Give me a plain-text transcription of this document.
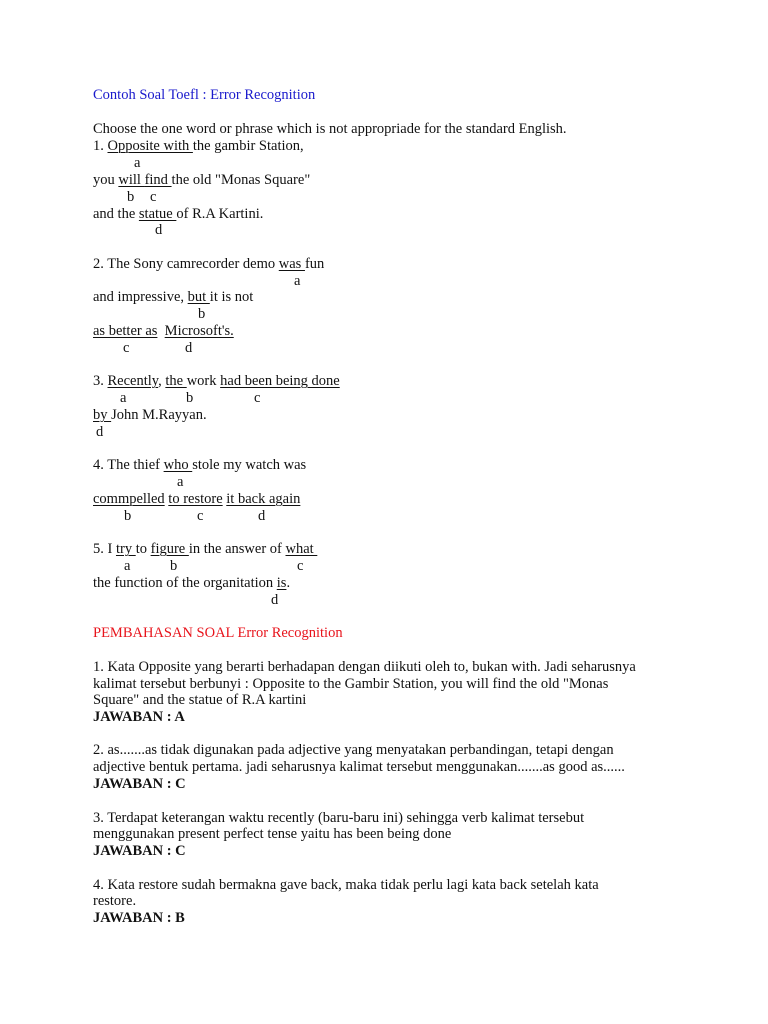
Contoh Soal Toefl : Error Recognition
Choose the one word or phrase which is not appropriade for the standard English.
1. Opposite with the gambir Station,
a
you will find the old "Monas Square"
b c
and the statue of R.A Kartini.
d
2. The Sony camrecorder demo was fun
a
and impressive, but it is not
b
as better as Microsoft's.
c	d
3. Recently, the work had been being done
a	b	c
by John M.Rayyan.
d
4. The thief who stole my watch was
a
commpelled to restore it back again
b	c	d
5. I try to figure in the answer of what
a	b	c
the function of the organitation is.
d
PEMBAHASAN SOAL Error Recognition
1. Kata Opposite yang berarti berhadapan dengan diikuti oleh to, bukan with. Jadi seharusnya
kalimat tersebut berbunyi : Opposite to the Gambir Station, you will find the old "Monas
Square" and the statue of R.A kartini
JAWABAN : A
2. as.......as tidak digunakan pada adjective yang menyatakan perbandingan, tetapi dengan
adjective bentuk pertama. jadi seharusnya kalimat tersebut menggunakan.......as good as......
JAWABAN : C
3. Terdapat keterangan waktu recently (baru-baru ini) sehingga verb kalimat tersebut
menggunakan present perfect tense yaitu has been being done
JAWABAN : C
4. Kata restore sudah bermakna gave back, maka tidak perlu lagi kata back setelah kata
restore.
JAWABAN : B
